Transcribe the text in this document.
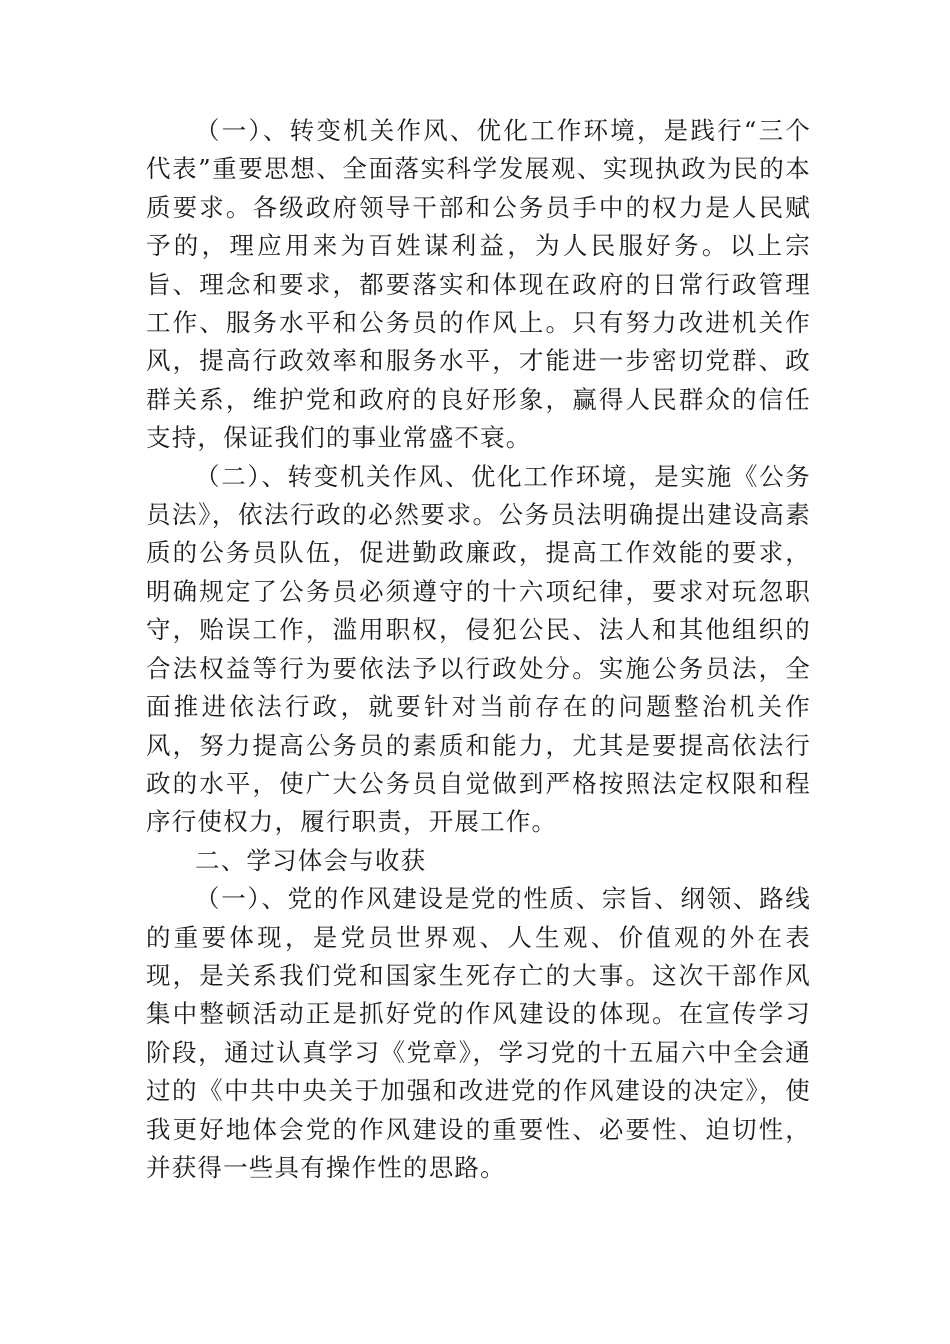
（一）、转变机关作风、优化工作环境，是践行“三个代表”重要思想、全面落实科学发展观、实现执政为民的本质要求。各级政府领导干部和公务员手中的权力是人民赋予的，理应用来为百姓谋利益，为人民服好务。以上宗旨、理念和要求，都要落实和体现在政府的日常行政管理工作、服务水平和公务员的作风上。只有努力改进机关作风，提高行政效率和服务水平，才能进一步密切党群、政群关系，维护党和政府的良好形象，赢得人民群众的信任支持，保证我们的事业常盛不衰。

（二）、转变机关作风、优化工作环境，是实施《公务员法》，依法行政的必然要求。公务员法明确提出建设高素质的公务员队伍，促进勤政廉政，提高工作效能的要求，明确规定了公务员必须遵守的十六项纪律，要求对玩忽职守，贻误工作，滥用职权，侵犯公民、法人和其他组织的合法权益等行为要依法予以行政处分。实施公务员法，全面推进依法行政，就要针对当前存在的问题整治机关作风，努力提高公务员的素质和能力，尤其是要提高依法行政的水平，使广大公务员自觉做到严格按照法定权限和程序行使权力，履行职责，开展工作。

二、学习体会与收获

（一）、党的作风建设是党的性质、宗旨、纲领、路线的重要体现，是党员世界观、人生观、价值观的外在表现，是关系我们党和国家生死存亡的大事。这次干部作风集中整顿活动正是抓好党的作风建设的体现。在宣传学习阶段，通过认真学习《党章》，学习党的十五届六中全会通过的《中共中央关于加强和改进党的作风建设的决定》，使我更好地体会党的作风建设的重要性、必要性、迫切性，并获得一些具有操作性的思路。
